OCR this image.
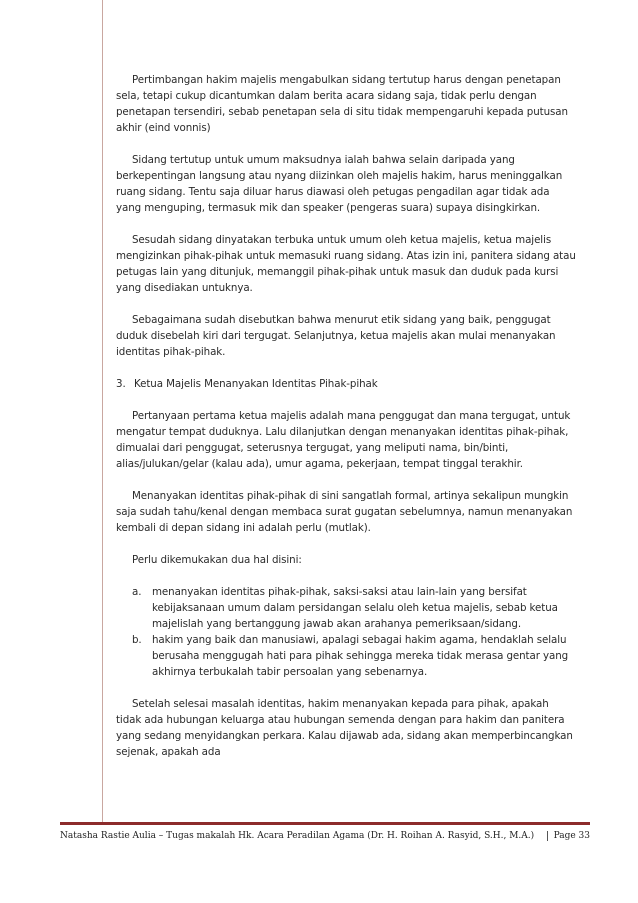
Pertimbangan hakim majelis mengabulkan sidang tertutup harus dengan penetapan sela, tetapi cukup dicantumkan dalam berita acara sidang saja, tidak perlu dengan penetapan tersendiri, sebab penetapan sela di situ tidak mempengaruhi kepada putusan akhir (eind vonnis)

Sidang tertutup untuk umum maksudnya ialah bahwa selain daripada yang berkepentingan langsung atau nyang diizinkan oleh majelis hakim, harus meninggalkan ruang sidang. Tentu saja diluar harus diawasi oleh petugas pengadilan agar tidak ada yang menguping, termasuk mik dan speaker (pengeras suara) supaya disingkirkan.

Sesudah sidang dinyatakan terbuka untuk umum oleh ketua majelis, ketua majelis mengizinkan pihak-pihak untuk memasuki ruang sidang. Atas izin ini, panitera sidang atau petugas lain yang ditunjuk, memanggil pihak-pihak untuk masuk dan duduk pada kursi yang disediakan untuknya.

Sebagaimana sudah disebutkan bahwa menurut etik sidang yang baik, penggugat duduk disebelah kiri dari tergugat. Selanjutnya, ketua majelis akan mulai menanyakan identitas pihak-pihak.

3. Ketua Majelis Menanyakan Identitas Pihak-pihak

Pertanyaan pertama ketua majelis adalah mana penggugat dan mana tergugat, untuk mengatur tempat duduknya. Lalu dilanjutkan dengan menanyakan identitas pihak-pihak, dimualai dari penggugat, seterusnya tergugat, yang meliputi nama, bin/binti, alias/julukan/gelar (kalau ada), umur agama, pekerjaan, tempat tinggal terakhir.

Menanyakan identitas pihak-pihak di sini sangatlah formal, artinya sekalipun mungkin saja sudah tahu/kenal dengan membaca surat gugatan sebelumnya, namun menanyakan kembali di depan sidang ini adalah perlu (mutlak).

Perlu dikemukakan dua hal disini:

a. menanyakan identitas pihak-pihak, saksi-saksi atau lain-lain yang bersifat kebijaksanaan umum dalam persidangan selalu oleh ketua majelis, sebab ketua majelislah yang bertanggung jawab akan arahanya pemeriksaan/sidang.
b. hakim yang baik dan manusiawi, apalagi sebagai hakim agama, hendaklah selalu berusaha menggugah hati para pihak sehingga mereka tidak merasa gentar yang akhirnya terbukalah tabir persoalan yang sebenarnya.

Setelah selesai masalah identitas, hakim menanyakan kepada para pihak, apakah tidak ada hubungan keluarga atau hubungan semenda dengan para hakim dan panitera yang sedang menyidangkan perkara. Kalau dijawab ada, sidang akan memperbincangkan sejenak, apakah ada

Natasha Rastie Aulia – Tugas makalah Hk. Acara Peradilan Agama (Dr. H. Roihan A. Rasyid, S.H., M.A.)	Page 33
